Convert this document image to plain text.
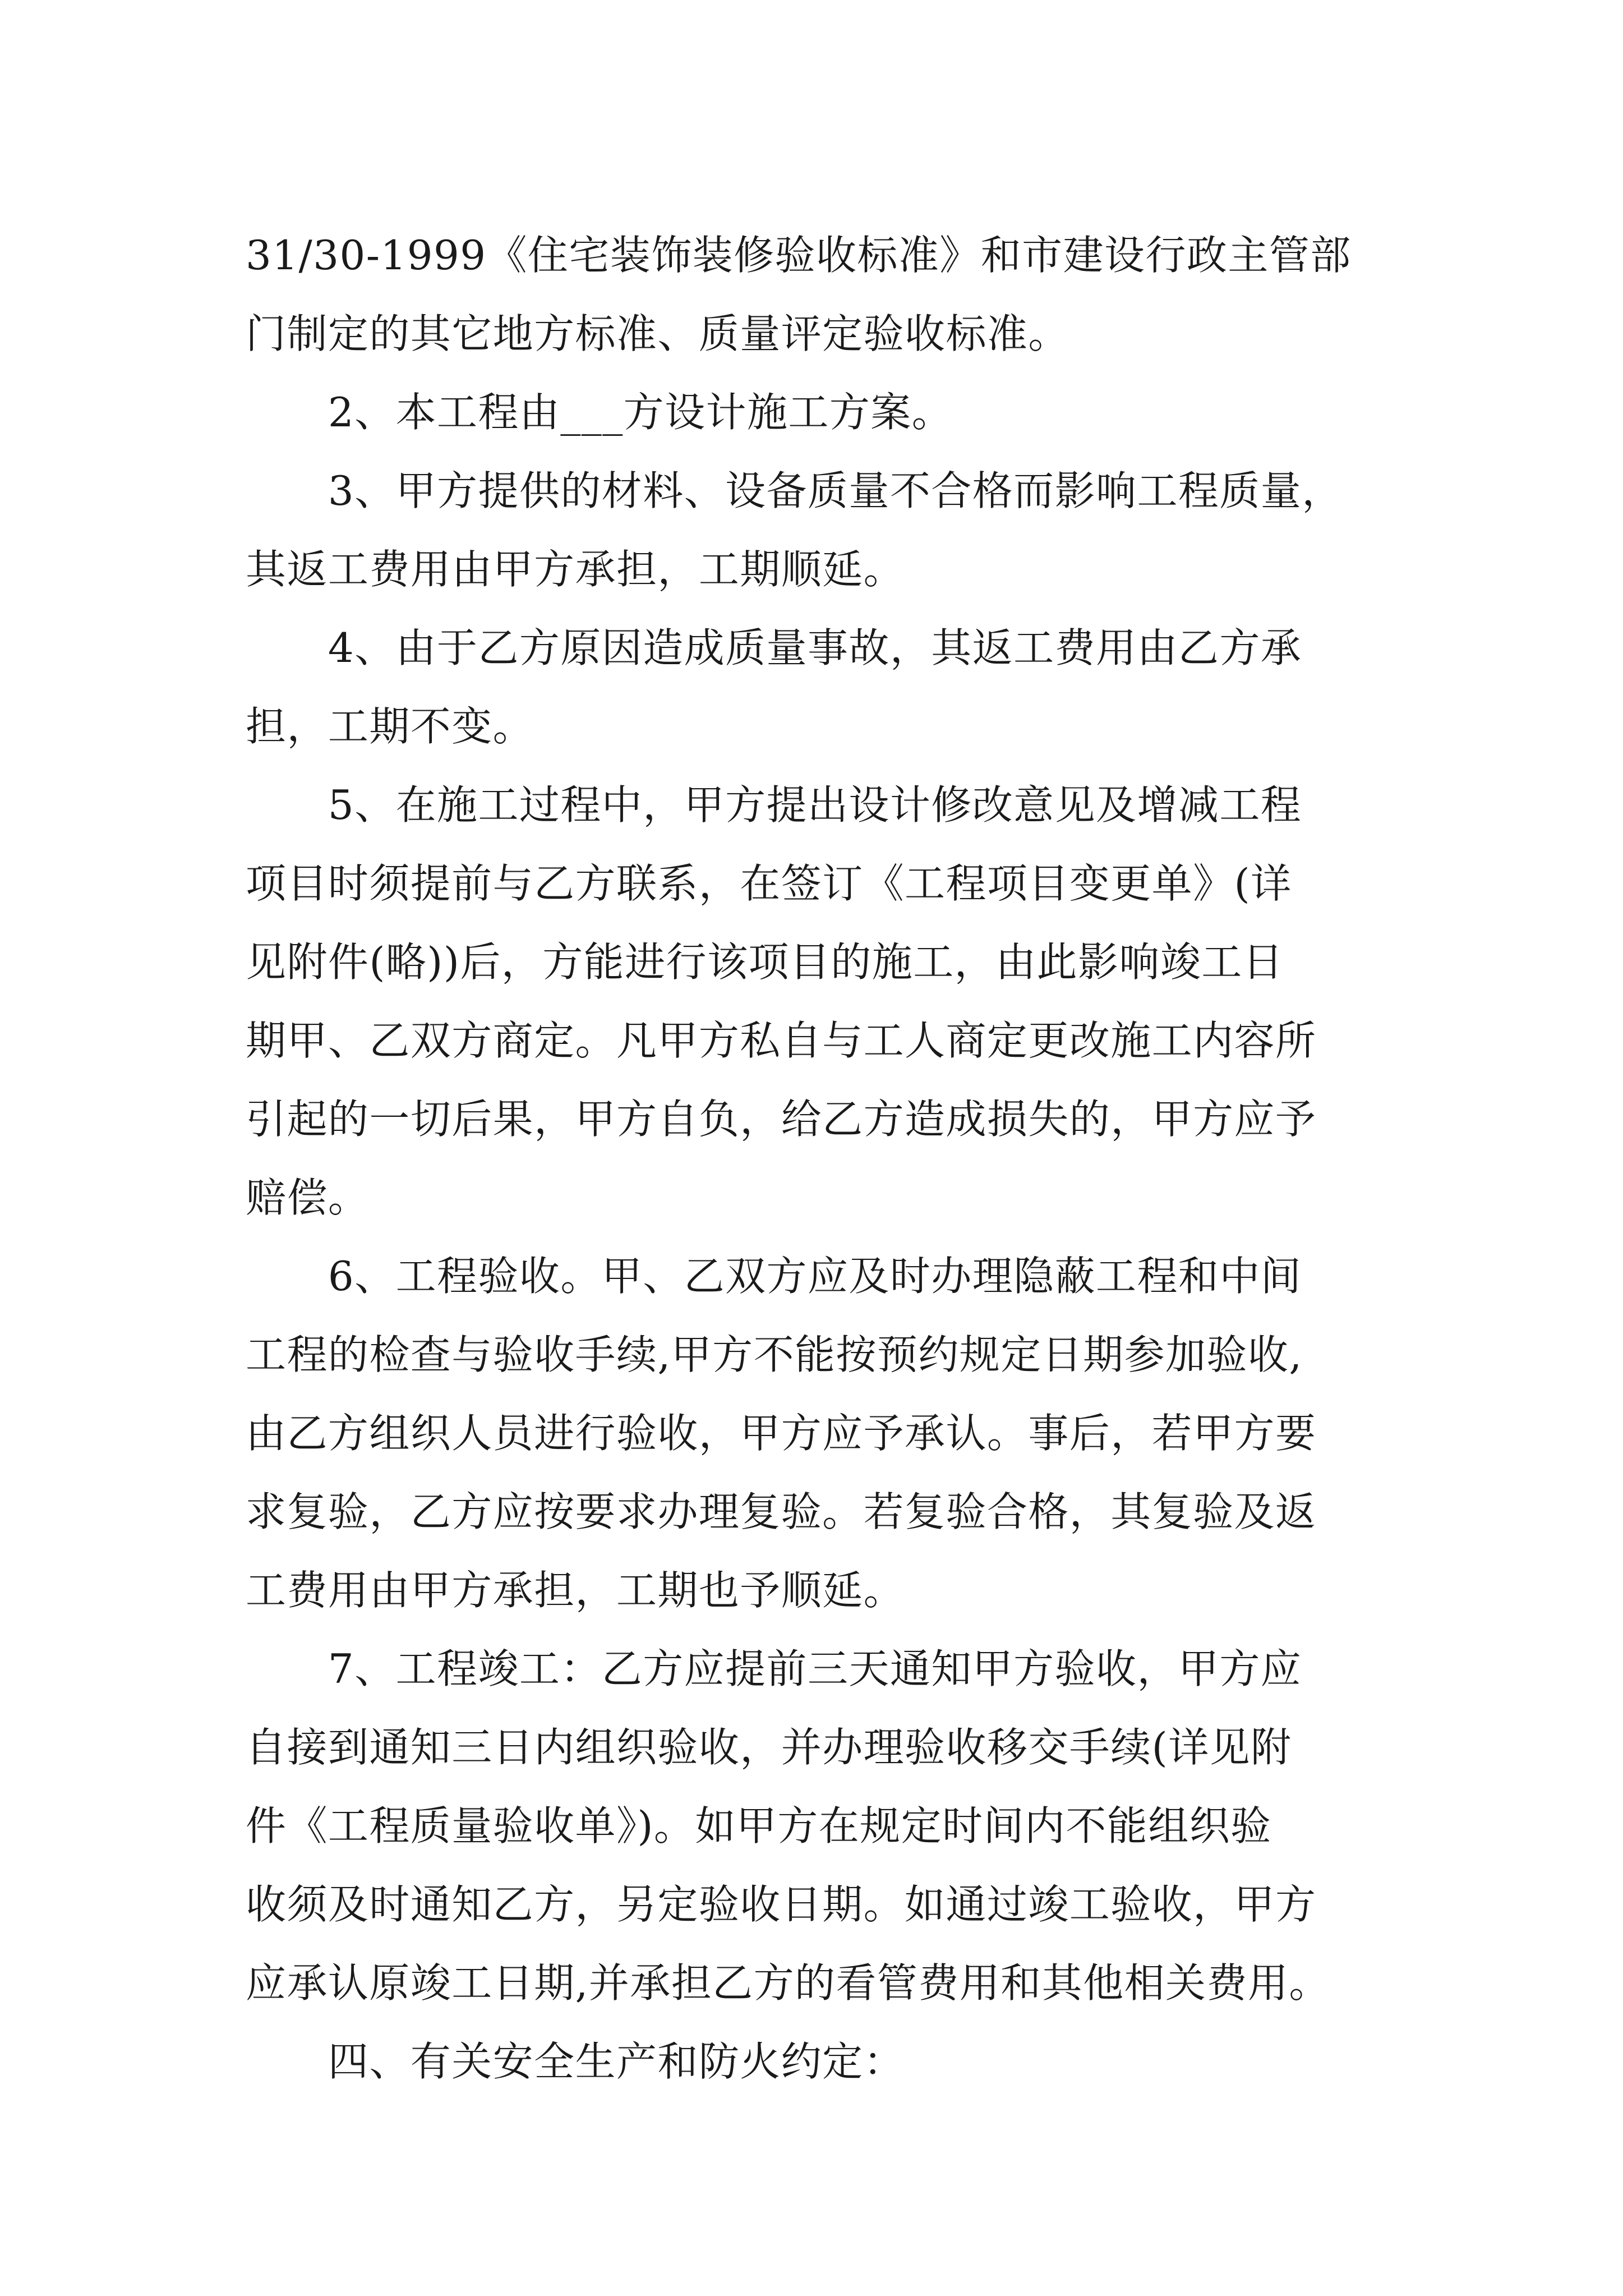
31/30-1999《住宅装饰装修验收标准》和市建设行政主管部
门制定的其它地方标准、质量评定验收标准。
　　2、本工程由___方设计施工方案。
　　3、甲方提供的材料、设备质量不合格而影响工程质量，
其返工费用由甲方承担，工期顺延。
　　4、由于乙方原因造成质量事故，其返工费用由乙方承
担，工期不变。
　　5、在施工过程中，甲方提出设计修改意见及增减工程
项目时须提前与乙方联系，在签订《工程项目变更单》(详
见附件(略))后，方能进行该项目的施工，由此影响竣工日
期甲、乙双方商定。凡甲方私自与工人商定更改施工内容所
引起的一切后果，甲方自负，给乙方造成损失的，甲方应予
赔偿。
　　6、工程验收。甲、乙双方应及时办理隐蔽工程和中间
工程的检查与验收手续,甲方不能按预约规定日期参加验收,
由乙方组织人员进行验收，甲方应予承认。事后，若甲方要
求复验，乙方应按要求办理复验。若复验合格，其复验及返
工费用由甲方承担，工期也予顺延。
　　7、工程竣工：乙方应提前三天通知甲方验收，甲方应
自接到通知三日内组织验收，并办理验收移交手续(详见附
件《工程质量验收单》)。如甲方在规定时间内不能组织验
收须及时通知乙方，另定验收日期。如通过竣工验收，甲方
应承认原竣工日期,并承担乙方的看管费用和其他相关费用。
　　四、有关安全生产和防火约定：
